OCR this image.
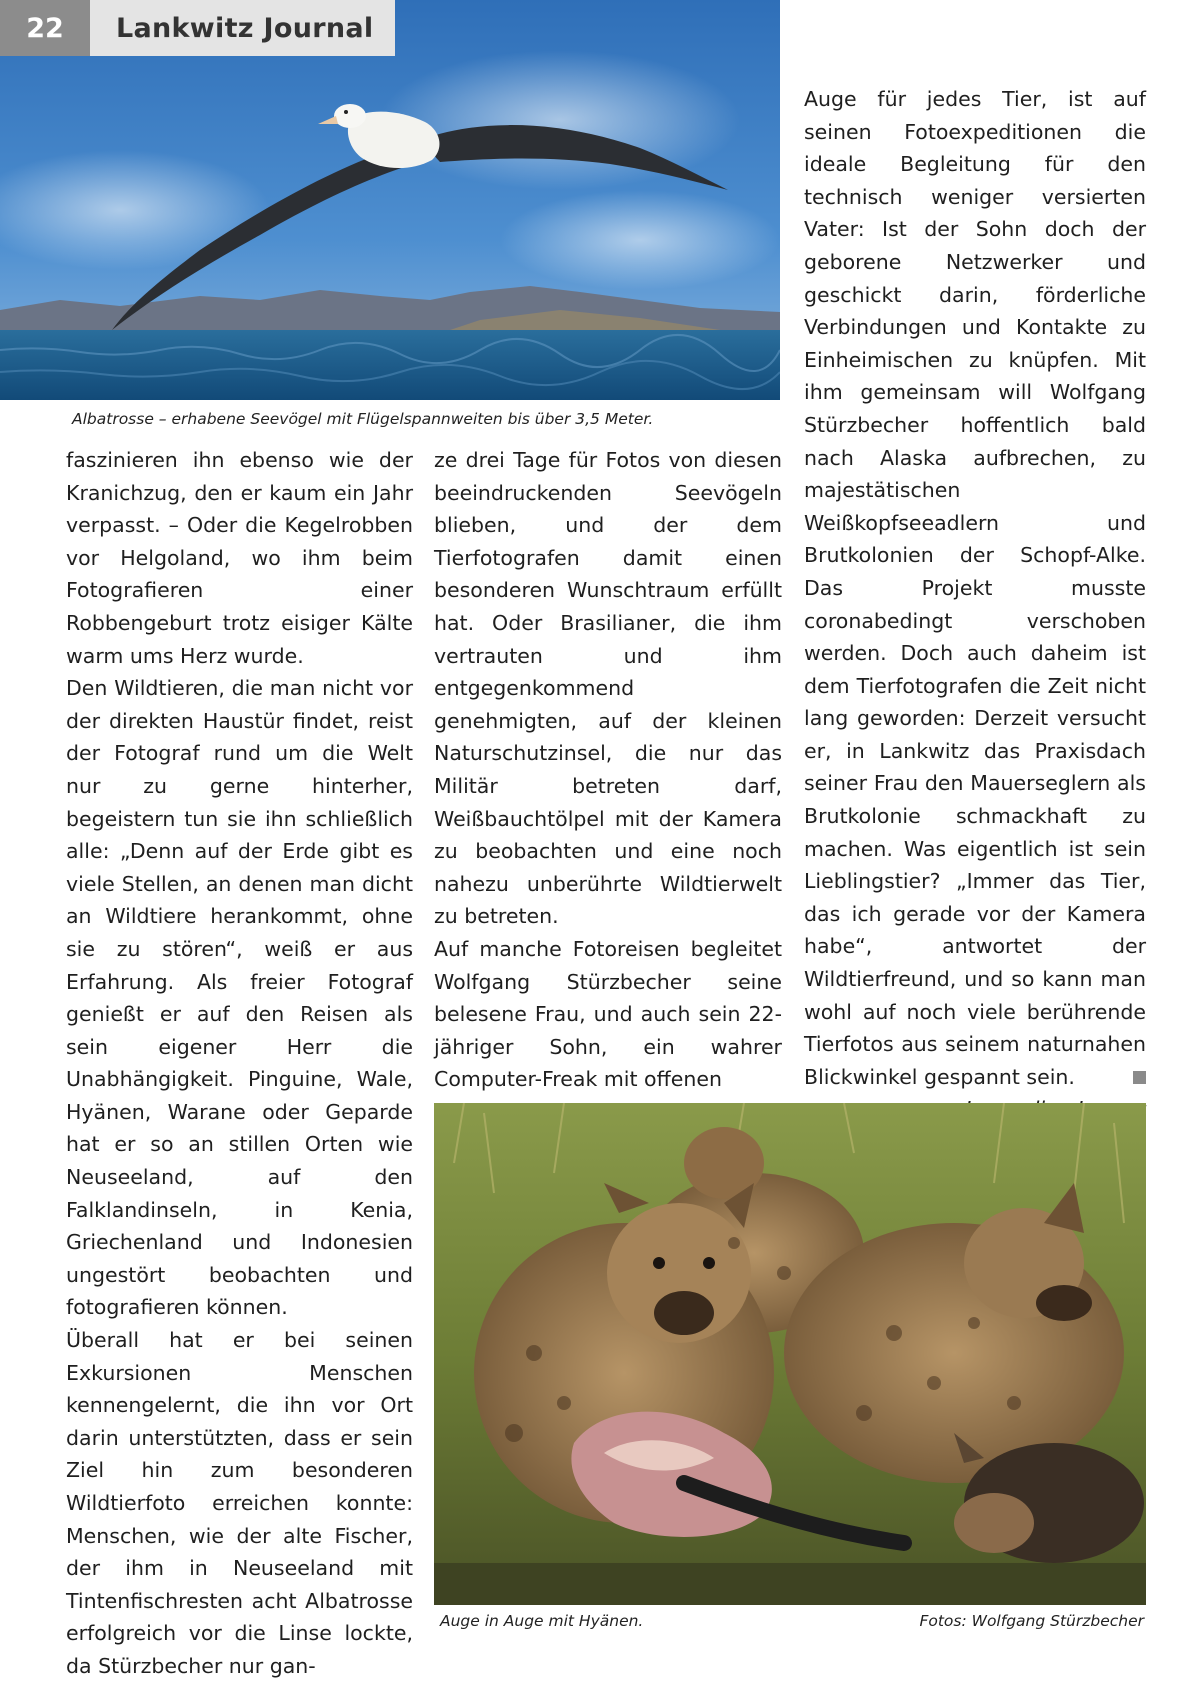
22	Lankwitz Journal
Albatrosse – erhabene Seevögel mit Flügelspannweiten bis über 3,5 Meter.

faszinieren ihn ebenso wie der Kranichzug, den er kaum ein Jahr verpasst. – Oder die Kegelrobben vor Helgoland, wo ihm beim Fotografieren einer Robbengeburt trotz eisiger Kälte warm ums Herz wurde.

Den Wildtieren, die man nicht vor der direkten Haustür findet, reist der Fotograf rund um die Welt nur zu gerne hinterher, begeistern tun sie ihn schließlich alle: „Denn auf der Erde gibt es viele Stellen, an denen man dicht an Wildtiere herankommt, ohne sie zu stören“, weiß er aus Erfahrung. Als freier Fotograf genießt er auf den Reisen als sein eigener Herr die Unabhängigkeit. Pinguine, Wale, Hyänen, Warane oder Geparde hat er so an stillen Orten wie Neuseeland, auf den Falklandinseln, in Kenia, Griechenland und Indonesien ungestört beobachten und fotografieren können.

Überall hat er bei seinen Exkursionen Menschen kennengelernt, die ihn vor Ort darin unterstützten, dass er sein Ziel hin zum besonderen Wildtierfoto erreichen konnte: Menschen, wie der alte Fischer, der ihm in Neuseeland mit Tintenfischresten acht Albatrosse erfolgreich vor die Linse lockte, da Stürzbecher nur gan-

ze drei Tage für Fotos von diesen beeindruckenden Seevögeln blieben, und der dem Tierfotografen damit einen besonderen Wunschtraum erfüllt hat. Oder Brasilianer, die ihm vertrauten und ihm entgegenkommend genehmigten, auf der kleinen Naturschutzinsel, die nur das Militär betreten darf, Weißbauchtölpel mit der Kamera zu beobachten und eine noch nahezu unberührte Wildtierwelt zu betreten.

Auf manche Fotoreisen begleitet Wolfgang Stürzbecher seine belesene Frau, und auch sein 22-jähriger Sohn, ein wahrer Computer-Freak mit offenen

Auge für jedes Tier, ist auf seinen Fotoexpeditionen die ideale Begleitung für den technisch weniger versierten Vater: Ist der Sohn doch der geborene Netzwerker und geschickt darin, förderliche Verbindungen und Kontakte zu Einheimischen zu knüpfen. Mit ihm gemeinsam will Wolfgang Stürzbecher hoffentlich bald nach Alaska aufbrechen, zu majestätischen Weißkopfseeadlern und Brutkolonien der Schopf-Alke. Das Projekt musste coronabedingt verschoben werden. Doch auch daheim ist dem Tierfotografen die Zeit nicht lang geworden: Derzeit versucht er, in Lankwitz das Praxisdach seiner Frau den Mauerseglern als Brutkolonie schmackhaft zu machen. Was eigentlich ist sein Lieblingstier? „Immer das Tier, das ich gerade vor der Kamera habe“, antwortet der Wildtierfreund, und so kann man wohl auf noch viele berührende Tierfotos aus seinem naturnahen Blickwinkel gespannt sein.

Auge in Auge mit Hyänen.	Fotos: Wolfgang Stürzbecher
